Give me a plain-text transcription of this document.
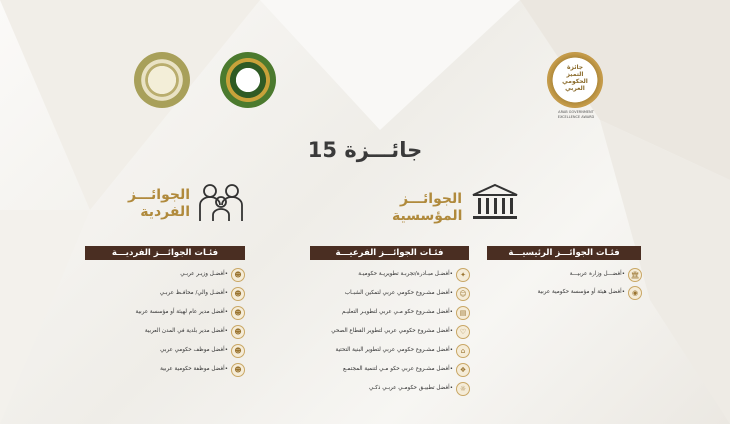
جائزة التميز الحكومي العربي
ARAB GOVERNMENT EXCELLENCE AWARD
15 جائـــزة
الجوائـــز المؤسسية
الجوائـــز الفردية
فئـات الجوائـــز الرئيسيـــة
فئـات الجوائـــز الفرعيـــة
فئـات الجوائـــز الفرديـــة
🏛
•أفضـــل وزارة عربيـــة
◉
•أفضل هيئة أو مؤسسة حكومية عربية
✦
•أفضـل مبـادرة/تجربـة تطويريـة حكوميـة
☺
•أفضل مشـروع حكومي عربي لتمكين الشبـاب
▤
•أفضل مشـروع حكو مـي عربي لتطويـر التعليـم
♡
•أفضل مشروع حكومي عربي لتطوير القطاع الصحي
⌂
•أفضل مشـروع حكومي عربي لتطوير البنية التحتية
❖
•أفضل مشـروع عربي حكو مـي لتنمية المجتمـع
☼
•أفضل تطبيـق حكومـي عربـي ذكـي
☻
•أفضـل وزيـر عربـي
☻
•أفضـل والي/ محافـظ عربـي
☻
•أفضل مدير عام لهيئة أو مؤسسة عربية
☻
•أفضل مدير بلدية في المدن العربية
☻
•أفضل موظف حكومي عربي
☻
•أفضل موظفة حكومية عربية
